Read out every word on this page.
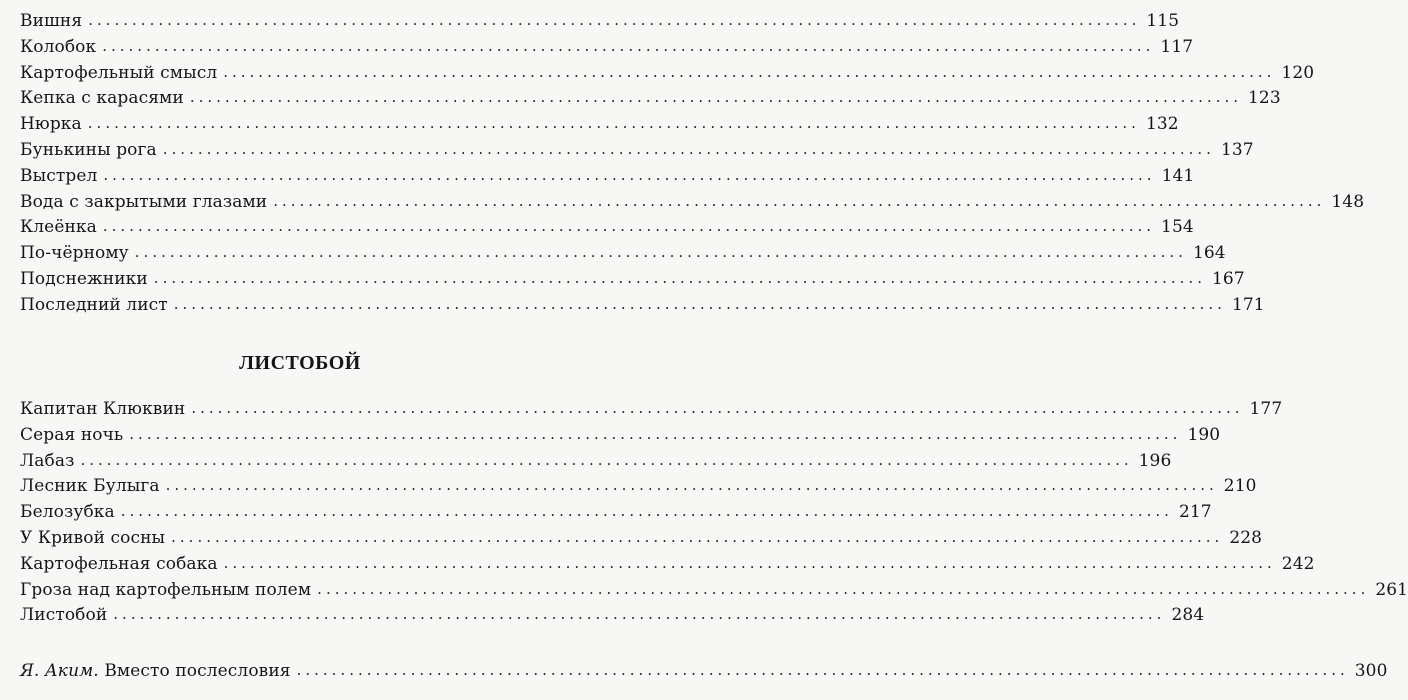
Вишня ........................................................................................................................ 115
Колобок ........................................................................................................................ 117
Картофельный смысл ........................................................................................................................ 120
Кепка с карасями ........................................................................................................................ 123
Нюрка ........................................................................................................................ 132
Бунькины рога ........................................................................................................................ 137
Выстрел ........................................................................................................................ 141
Вода с закрытыми глазами ........................................................................................................................ 148
Клеёнка ........................................................................................................................ 154
По-чёрному ........................................................................................................................ 164
Подснежники ........................................................................................................................ 167
Последний лист ........................................................................................................................ 171
ЛИСТОБОЙ
Капитан Клюквин ........................................................................................................................ 177
Серая ночь ........................................................................................................................ 190
Лабаз ........................................................................................................................ 196
Лесник Булыга ........................................................................................................................ 210
Белозубка ........................................................................................................................ 217
У Кривой сосны ........................................................................................................................ 228
Картофельная собака ........................................................................................................................ 242
Гроза над картофельным полем ........................................................................................................................ 261
Листобой ........................................................................................................................ 284
Я. Аким. Вместо послесловия ........................................................................................................................ 300
